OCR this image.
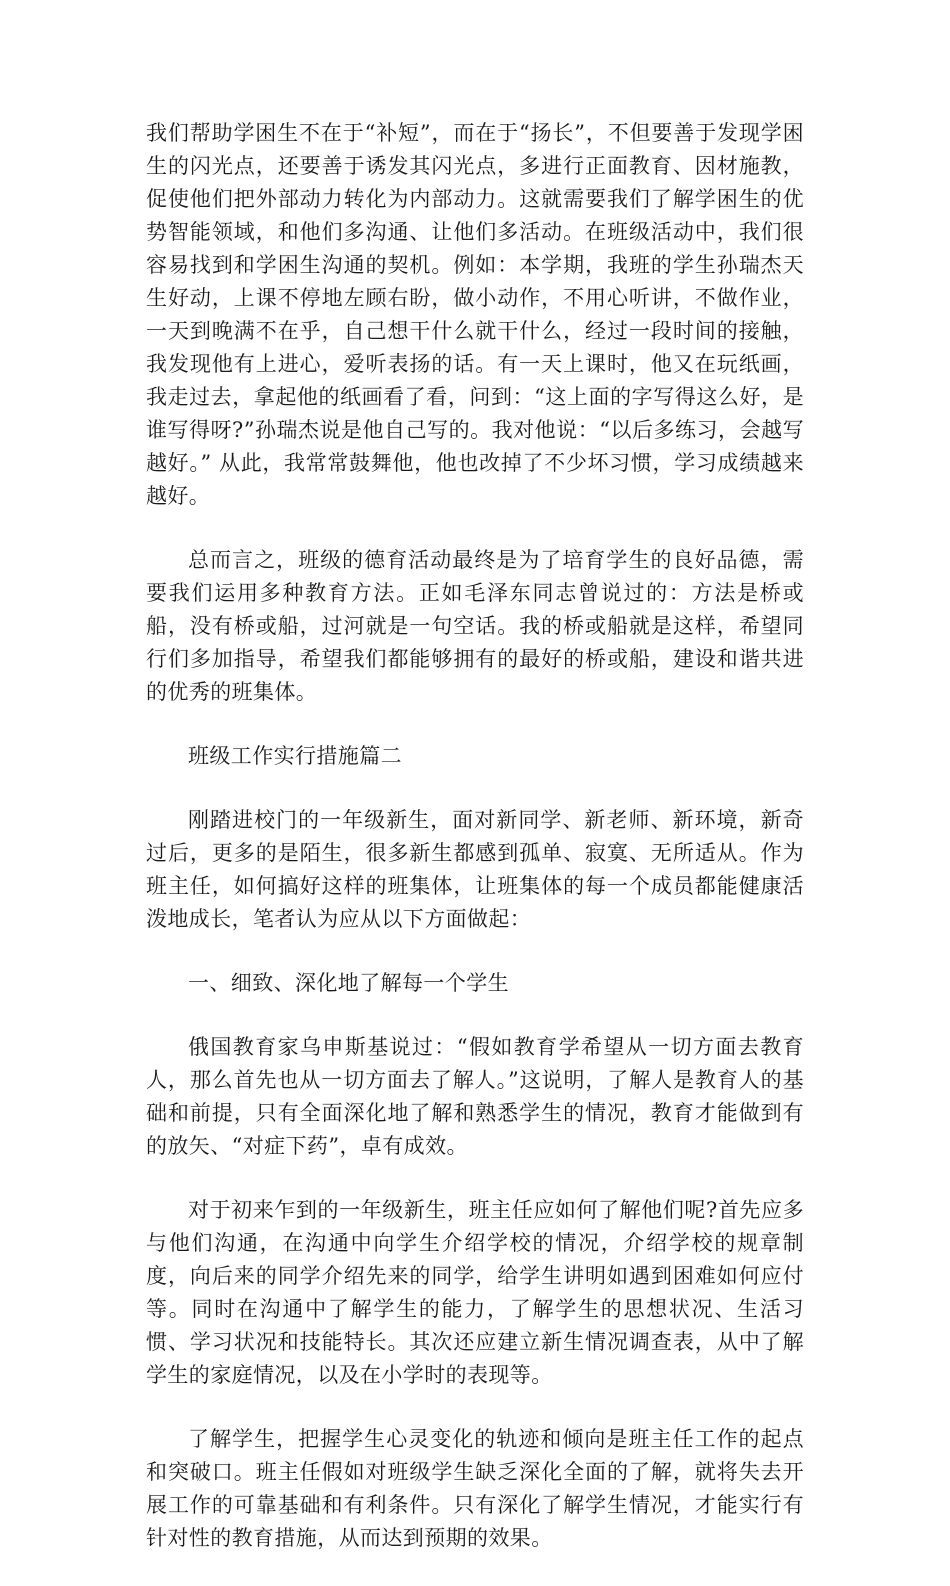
我们帮助学困生不在于“补短”，而在于“扬长”，不但要善于发现学困生的闪光点，还要善于诱发其闪光点，多进行正面教育、因材施教，促使他们把外部动力转化为内部动力。这就需要我们了解学困生的优势智能领域，和他们多沟通、让他们多活动。在班级活动中，我们很容易找到和学困生沟通的契机。例如：本学期，我班的学生孙瑞杰天生好动，上课不停地左顾右盼，做小动作，不用心听讲，不做作业，一天到晚满不在乎，自己想干什么就干什么，经过一段时间的接触，我发现他有上进心，爱听表扬的话。有一天上课时，他又在玩纸画，我走过去，拿起他的纸画看了看，问到：“这上面的字写得这么好，是谁写得呀?”孙瑞杰说是他自己写的。我对他说：“以后多练习，会越写越好。” 从此，我常常鼓舞他，他也改掉了不少坏习惯，学习成绩越来越好。

总而言之，班级的德育活动最终是为了培育学生的良好品德，需要我们运用多种教育方法。正如毛泽东同志曾说过的：方法是桥或船，没有桥或船，过河就是一句空话。我的桥或船就是这样，希望同行们多加指导，希望我们都能够拥有的最好的桥或船，建设和谐共进的优秀的班集体。

班级工作实行措施篇二

刚踏进校门的一年级新生，面对新同学、新老师、新环境，新奇过后，更多的是陌生，很多新生都感到孤单、寂寞、无所适从。作为班主任，如何搞好这样的班集体，让班集体的每一个成员都能健康活泼地成长，笔者认为应从以下方面做起：

一、细致、深化地了解每一个学生

俄国教育家乌申斯基说过：“假如教育学希望从一切方面去教育人，那么首先也从一切方面去了解人。”这说明，了解人是教育人的基础和前提，只有全面深化地了解和熟悉学生的情况，教育才能做到有的放矢、“对症下药”，卓有成效。

对于初来乍到的一年级新生，班主任应如何了解他们呢?首先应多与他们沟通，在沟通中向学生介绍学校的情况，介绍学校的规章制度，向后来的同学介绍先来的同学，给学生讲明如遇到困难如何应付等。同时在沟通中了解学生的能力，了解学生的思想状况、生活习惯、学习状况和技能特长。其次还应建立新生情况调查表，从中了解学生的家庭情况，以及在小学时的表现等。

了解学生，把握学生心灵变化的轨迹和倾向是班主任工作的起点和突破口。班主任假如对班级学生缺乏深化全面的了解，就将失去开展工作的可靠基础和有利条件。只有深化了解学生情况，才能实行有针对性的教育措施，从而达到预期的效果。
